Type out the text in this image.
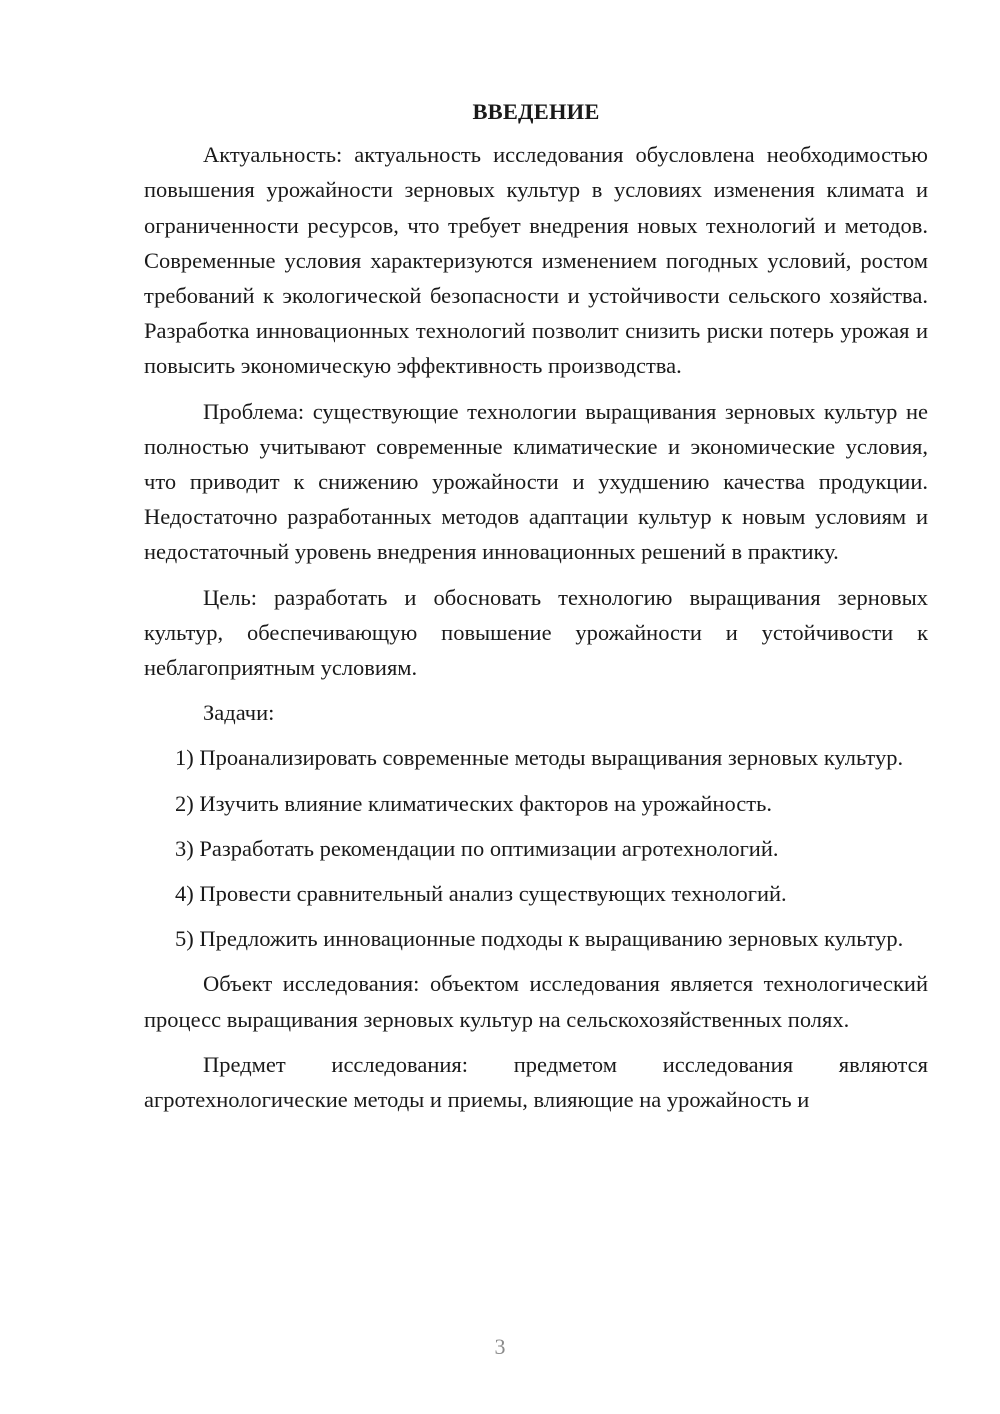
ВВЕДЕНИЕ

Актуальность: актуальность исследования обусловлена необходимостью повышения урожайности зерновых культур в условиях изменения климата и ограниченности ресурсов, что требует внедрения новых технологий и методов. Современные условия характеризуются изменением погодных условий, ростом требований к экологической безопасности и устойчивости сельского хозяйства. Разработка инновационных технологий позволит снизить риски потерь урожая и повысить экономическую эффективность производства.

Проблема: существующие технологии выращивания зерновых культур не полностью учитывают современные климатические и экономические условия, что приводит к снижению урожайности и ухудшению качества продукции. Недостаточно разработанных методов адаптации культур к новым условиям и недостаточный уровень внедрения инновационных решений в практику.

Цель: разработать и обосновать технологию выращивания зерновых культур, обеспечивающую повышение урожайности и устойчивости к неблагоприятным условиям.

Задачи:

1) Проанализировать современные методы выращивания зерновых культур.

2) Изучить влияние климатических факторов на урожайность.

3) Разработать рекомендации по оптимизации агротехнологий.

4) Провести сравнительный анализ существующих технологий.

5) Предложить инновационные подходы к выращиванию зерновых культур.

Объект исследования: объектом исследования является технологический процесс выращивания зерновых культур на сельскохозяйственных полях.

Предмет исследования: предметом исследования являются агротехнологические методы и приемы, влияющие на урожайность и

3
